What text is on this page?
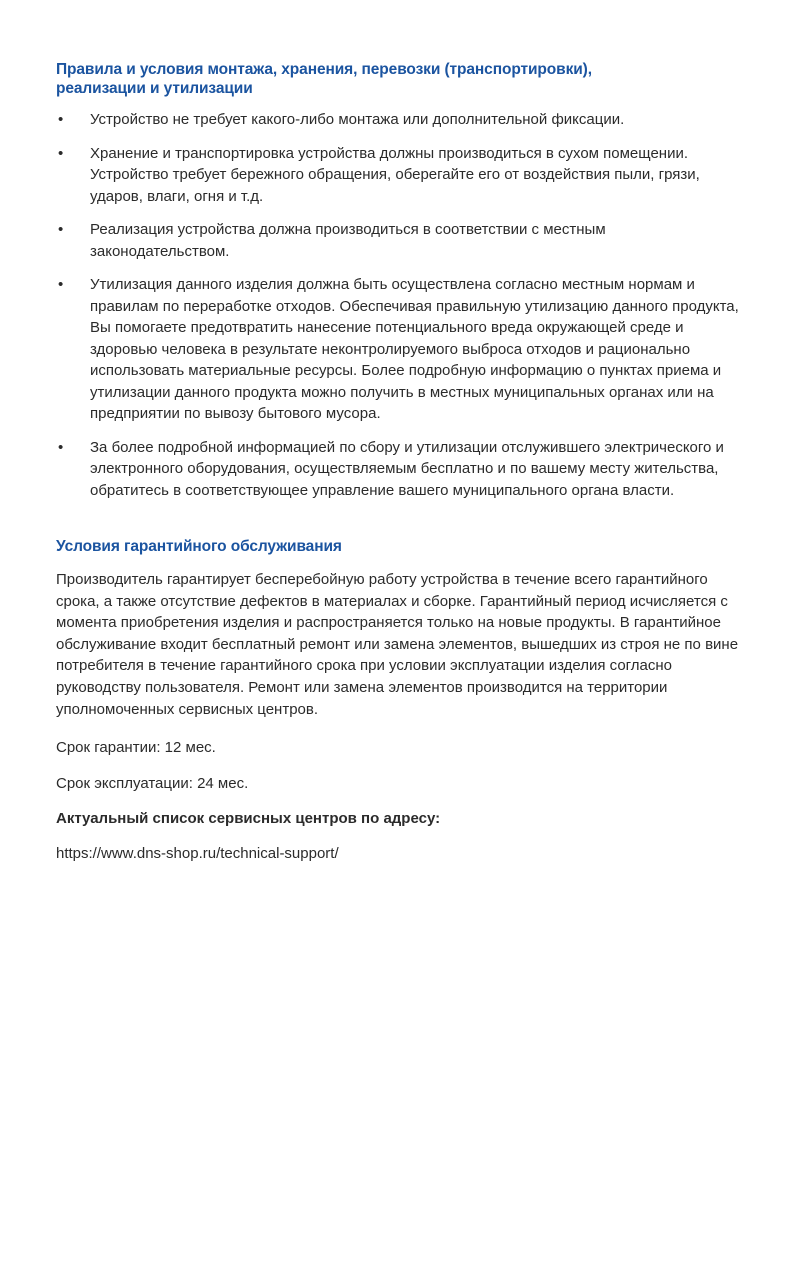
Правила и условия монтажа, хранения, перевозки (транспортировки), реализации и утилизации
• Устройство не требует какого-либо монтажа или дополнительной фиксации.
• Хранение и транспортировка устройства должны производиться в сухом помещении. Устройство требует бережного обращения, оберегайте его от воздействия пыли, грязи, ударов, влаги, огня и т.д.
• Реализация устройства должна производиться в соответствии с местным законодательством.
• Утилизация данного изделия должна быть осуществлена согласно местным нормам и правилам по переработке отходов. Обеспечивая правильную утилизацию данного продукта, Вы помогаете предотвратить нанесение потенциального вреда окружающей среде и здоровью человека в результате неконтролируемого выброса отходов и рационально использовать материальные ресурсы. Более подробную информацию о пунктах приема и утилизации данного продукта можно получить в местных муниципальных органах или на предприятии по вывозу бытового мусора.
• За более подробной информацией по сбору и утилизации отслужившего электрического и электронного оборудования, осуществляемым бесплатно и по вашему месту жительства, обратитесь в соответствующее управление вашего муниципального органа власти.
Условия гарантийного обслуживания

Производитель гарантирует бесперебойную работу устройства в течение всего гарантийного срока, а также отсутствие дефектов в материалах и сборке. Гарантийный период исчисляется с момента приобретения изделия и распространяется только на новые продукты. В гарантийное обслуживание входит бесплатный ремонт или замена элементов, вышедших из строя не по вине потребителя в течение гарантийного срока при условии эксплуатации изделия согласно руководству пользователя. Ремонт или замена элементов производится на территории уполномоченных сервисных центров.

Срок гарантии: 12 мес.

Срок эксплуатации: 24 мес.

Актуальный список сервисных центров по адресу:

https://www.dns-shop.ru/technical-support/
